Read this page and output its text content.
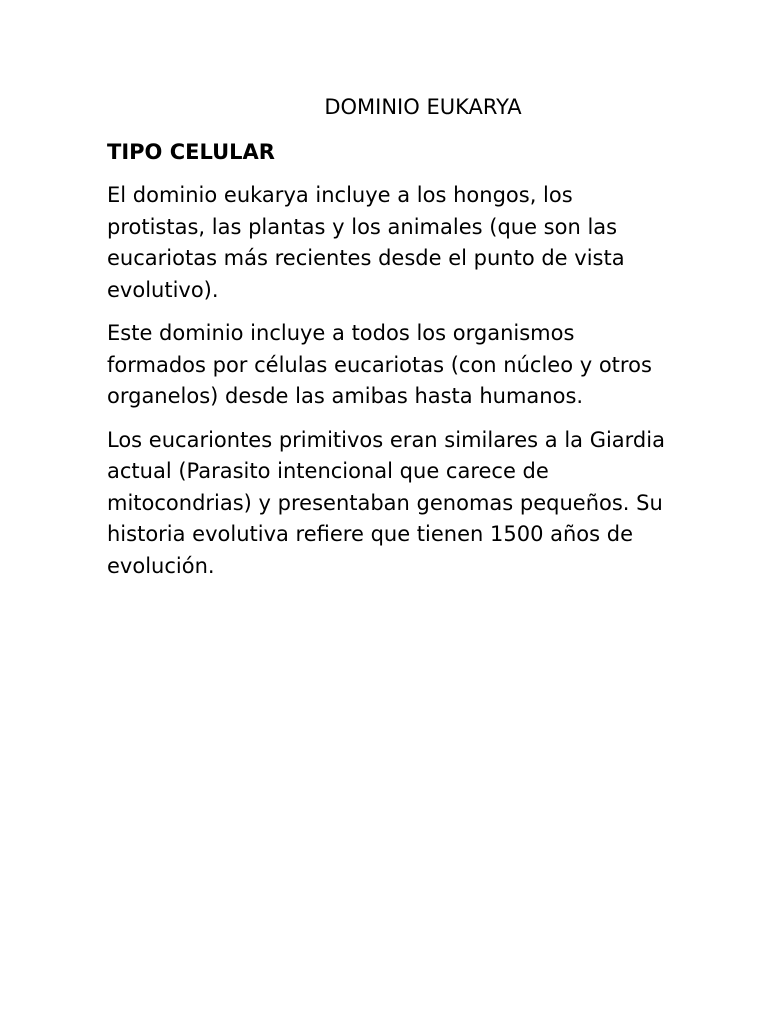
DOMINIO EUKARYA
TIPO CELULAR

El dominio eukarya incluye a los hongos, los protistas, las plantas y los animales (que son las eucariotas más recientes desde el punto de vista evolutivo).

Este dominio incluye a todos los organismos formados por células eucariotas (con núcleo y otros organelos) desde las amibas hasta humanos.

Los eucariontes primitivos eran similares a la Giardia actual (Parasito intencional que carece de mitocondrias) y presentaban genomas pequeños. Su historia evolutiva refiere que tienen 1500 años de evolución.
